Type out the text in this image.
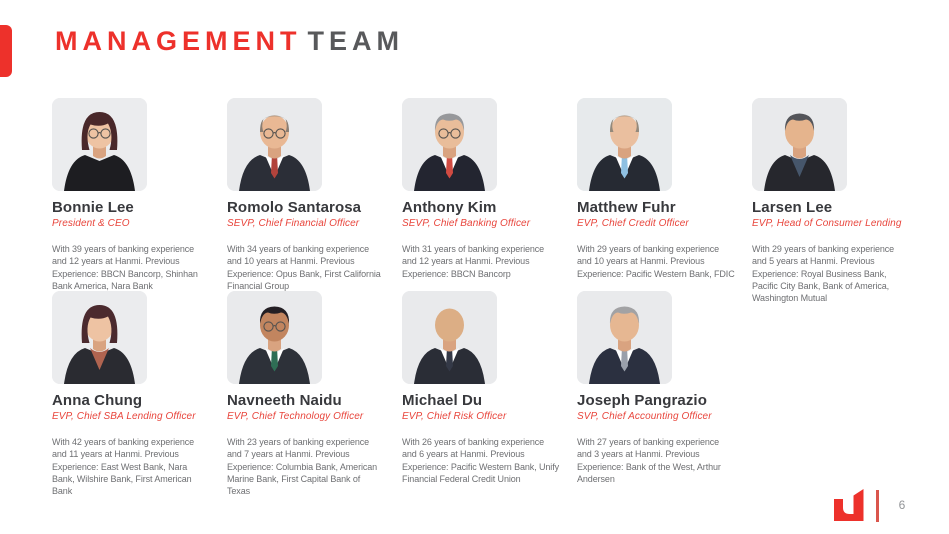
MANAGEMENT TEAM
Bonnie Lee
President & CEO
With 39 years of banking experience and 12 years at Hanmi. Previous Experience: BBCN Bancorp, Shinhan Bank America, Nara Bank
Romolo Santarosa
SEVP, Chief Financial Officer
With 34 years of banking experience and 10 years at Hanmi. Previous Experience: Opus Bank, First California Financial Group
Anthony Kim
SEVP, Chief Banking Officer
With 31 years of banking experience and 12 years at Hanmi. Previous Experience: BBCN Bancorp
Matthew Fuhr
EVP, Chief Credit Officer
With 29 years of banking experience and 10 years at Hanmi. Previous Experience: Pacific Western Bank, FDIC
Larsen Lee
EVP, Head of Consumer Lending
With 29 years of banking experience and 5 years at Hanmi. Previous Experience: Royal Business Bank, Pacific City Bank, Bank of America, Washington Mutual
Anna Chung
EVP, Chief SBA Lending Officer
With 42 years of banking experience and 11 years at Hanmi. Previous Experience: East West Bank, Nara Bank, Wilshire Bank, First American Bank
Navneeth Naidu
EVP, Chief Technology Officer
With 23 years of banking experience and 7 years at Hanmi. Previous Experience: Columbia Bank, American Marine Bank, First Capital Bank of Texas
Michael Du
EVP, Chief Risk Officer
With 26 years of banking experience and 6 years at Hanmi. Previous Experience: Pacific Western Bank, Unify Financial Federal Credit Union
Joseph Pangrazio
SVP, Chief Accounting Officer
With 27 years of banking experience and 3 years at Hanmi. Previous Experience: Bank of the West, Arthur Andersen
6
